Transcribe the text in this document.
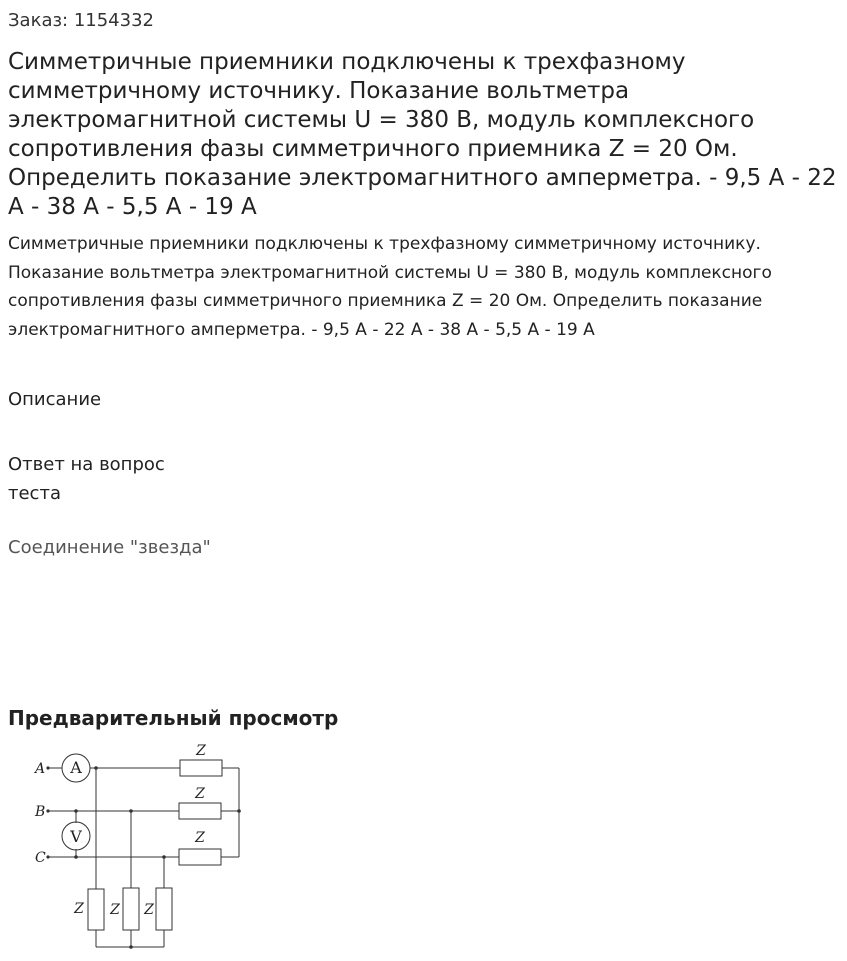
Заказ: 1154332
Симметричные приемники подключены к трехфазному симметричному источнику. Показание вольтметра электромагнитной системы U = 380 В, модуль комплексного сопротивления фазы симметричного приемника Z = 20 Ом. Определить показание электромагнитного амперметра. - 9,5 А - 22 А - 38 А - 5,5 А - 19 А

Симметричные приемники подключены к трехфазному симметричному источнику. Показание вольтметра электромагнитной системы U = 380 В, модуль комплексного сопротивления фазы симметричного приемника Z = 20 Ом. Определить показание электромагнитного амперметра. - 9,5 А - 22 А - 38 А - 5,5 А - 19 А

Описание
Ответ на вопрос теста
Соединение "звезда"
Предварительный просмотр
A
B
C
A
V
Z
Z
Z
Z Z Z
